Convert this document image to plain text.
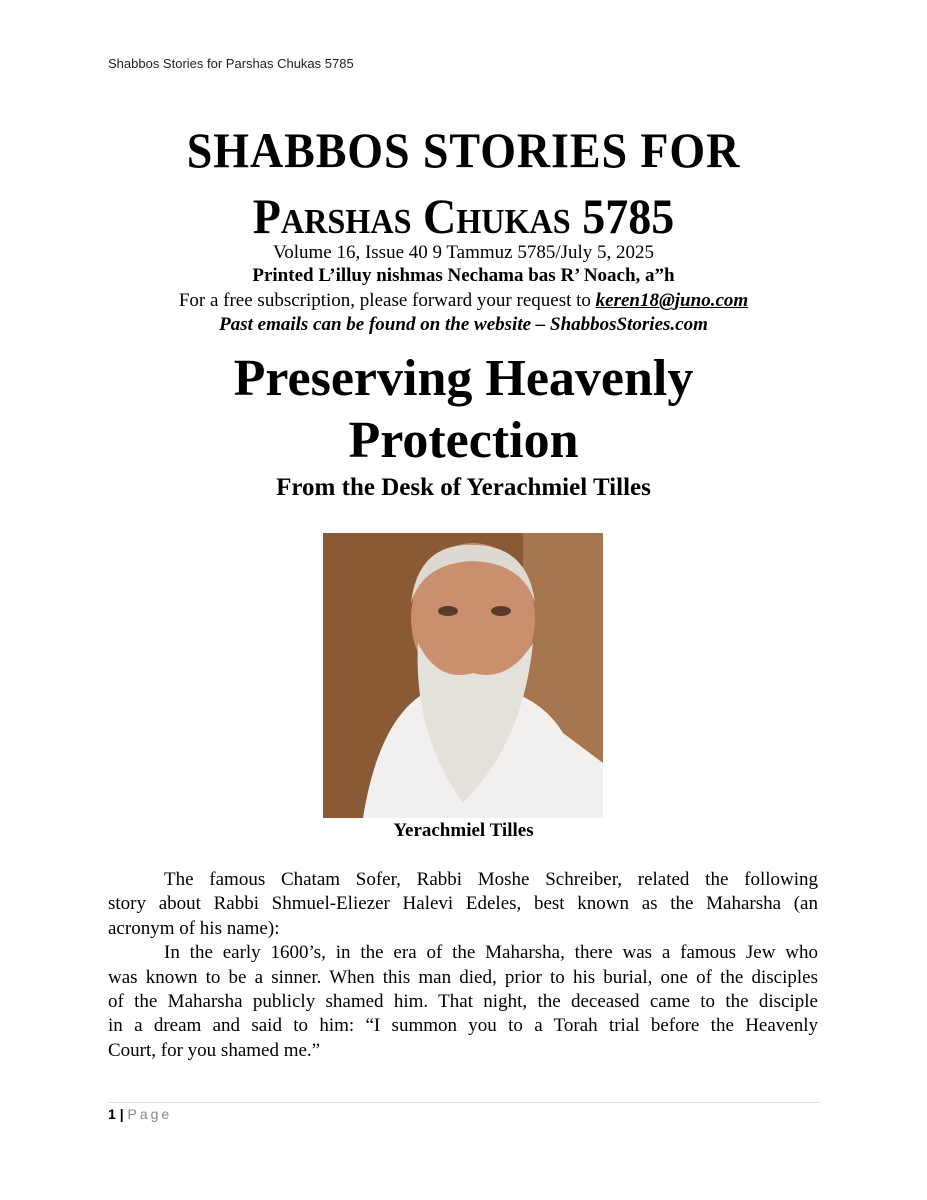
Shabbos Stories for Parshas Chukas 5785
SHABBOS STORIES FOR
Parshas Chukas 5785
Volume 16, Issue 40 9 Tammuz 5785/July 5, 2025
Printed L’illuy nishmas Nechama bas R’ Noach, a”h
For a free subscription, please forward your request to keren18@juno.com
Past emails can be found on the website – ShabbosStories.com
Preserving Heavenly
Protection
From the Desk of Yerachmiel Tilles
Yerachmiel Tilles
The famous Chatam Sofer, Rabbi Moshe Schreiber, related the following
story about Rabbi Shmuel-Eliezer Halevi Edeles, best known as the Maharsha (an
acronym of his name):
In the early 1600’s, in the era of the Maharsha, there was a famous Jew who
was known to be a sinner. When this man died, prior to his burial, one of the disciples
of the Maharsha publicly shamed him. That night, the deceased came to the disciple
in a dream and said to him: “I summon you to a Torah trial before the Heavenly
Court, for you shamed me.”
1 | Page
